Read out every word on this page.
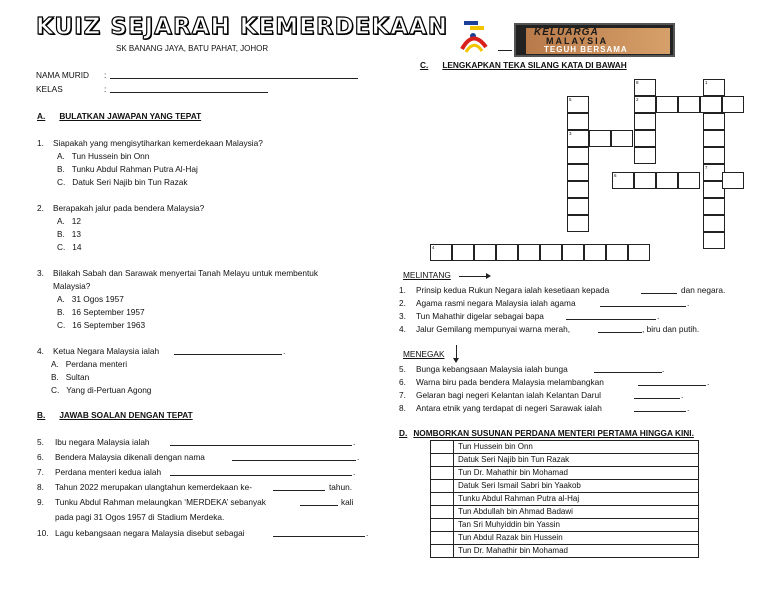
KUIZ SEJARAH KEMERDEKAAN
SK BANANG JAYA, BATU PAHAT, JOHOR
NAMA MURID :
KELAS	:
A. BULATKAN JAWAPAN YANG TEPAT
1. Siapakah yang mengisytiharkan kemerdekaan Malaysia?
A. Tun Hussein bin Onn
B. Tunku Abdul Rahman Putra Al-Haj
C. Datuk Seri Najib bin Tun Razak
2. Berapakah jalur pada bendera Malaysia?
A. 12
B. 13
C. 14
3. Bilakah Sabah dan Sarawak menyertai Tanah Melayu untuk membentuk
Malaysia?
A. 31 Ogos 1957
B. 16 September 1957
C. 16 September 1963
4. Ketua Negara Malaysia ialah	.
A. Perdana menteri
B. Sultan
C. Yang di-Pertuan Agong
B. JAWAB SOALAN DENGAN TEPAT
5. Ibu negara Malaysia ialah	.
6. Bendera Malaysia dikenali dengan nama	.
7. Perdana menteri kedua ialah	.
8. Tahun 2022 merupakan ulangtahun kemerdekaan ke-	tahun.
9. Tunku Abdul Rahman melaungkan ‘MERDEKA’ sebanyak	kali
pada pagi 31 Ogos 1957 di Stadium Merdeka.
10. Lagu kebangsaan negara Malaysia disebut sebagai	.
KELUARGA
MALAYSIA
TEGUH BERSAMA
C. LENGKAPKAN TEKA SILANG KATA DI BAWAH
8
2
1
7
5
3
6
4
MELINTANG
1. Prinsip kedua Rukun Negara ialah kesetiaan kepada	dan negara.
2. Agama rasmi negara Malaysia ialah agama	.
3. Tun Mahathir digelar sebagai bapa	.
4. Jalur Gemilang mempunyai warna merah,	, biru dan putih.
MENEGAK
5. Bunga kebangsaan Malaysia ialah bunga	.
6. Warna biru pada bendera Malaysia melambangkan	.
7. Gelaran bagi negeri Kelantan ialah Kelantan Darul	.
8. Antara etnik yang terdapat di negeri Sarawak ialah	.
D. NOMBORKAN SUSUNAN PERDANA MENTERI PERTAMA HINGGA KINI.
	Tun Hussein bin Onn
	Datuk Seri Najib bin Tun Razak
	Tun Dr. Mahathir bin Mohamad
	Datuk Seri Ismail Sabri bin Yaakob
	Tunku Abdul Rahman Putra al-Haj
	Tun Abdullah bin Ahmad Badawi
	Tan Sri Muhyiddin bin Yassin
	Tun Abdul Razak bin Hussein
	Tun Dr. Mahathir bin Mohamad
